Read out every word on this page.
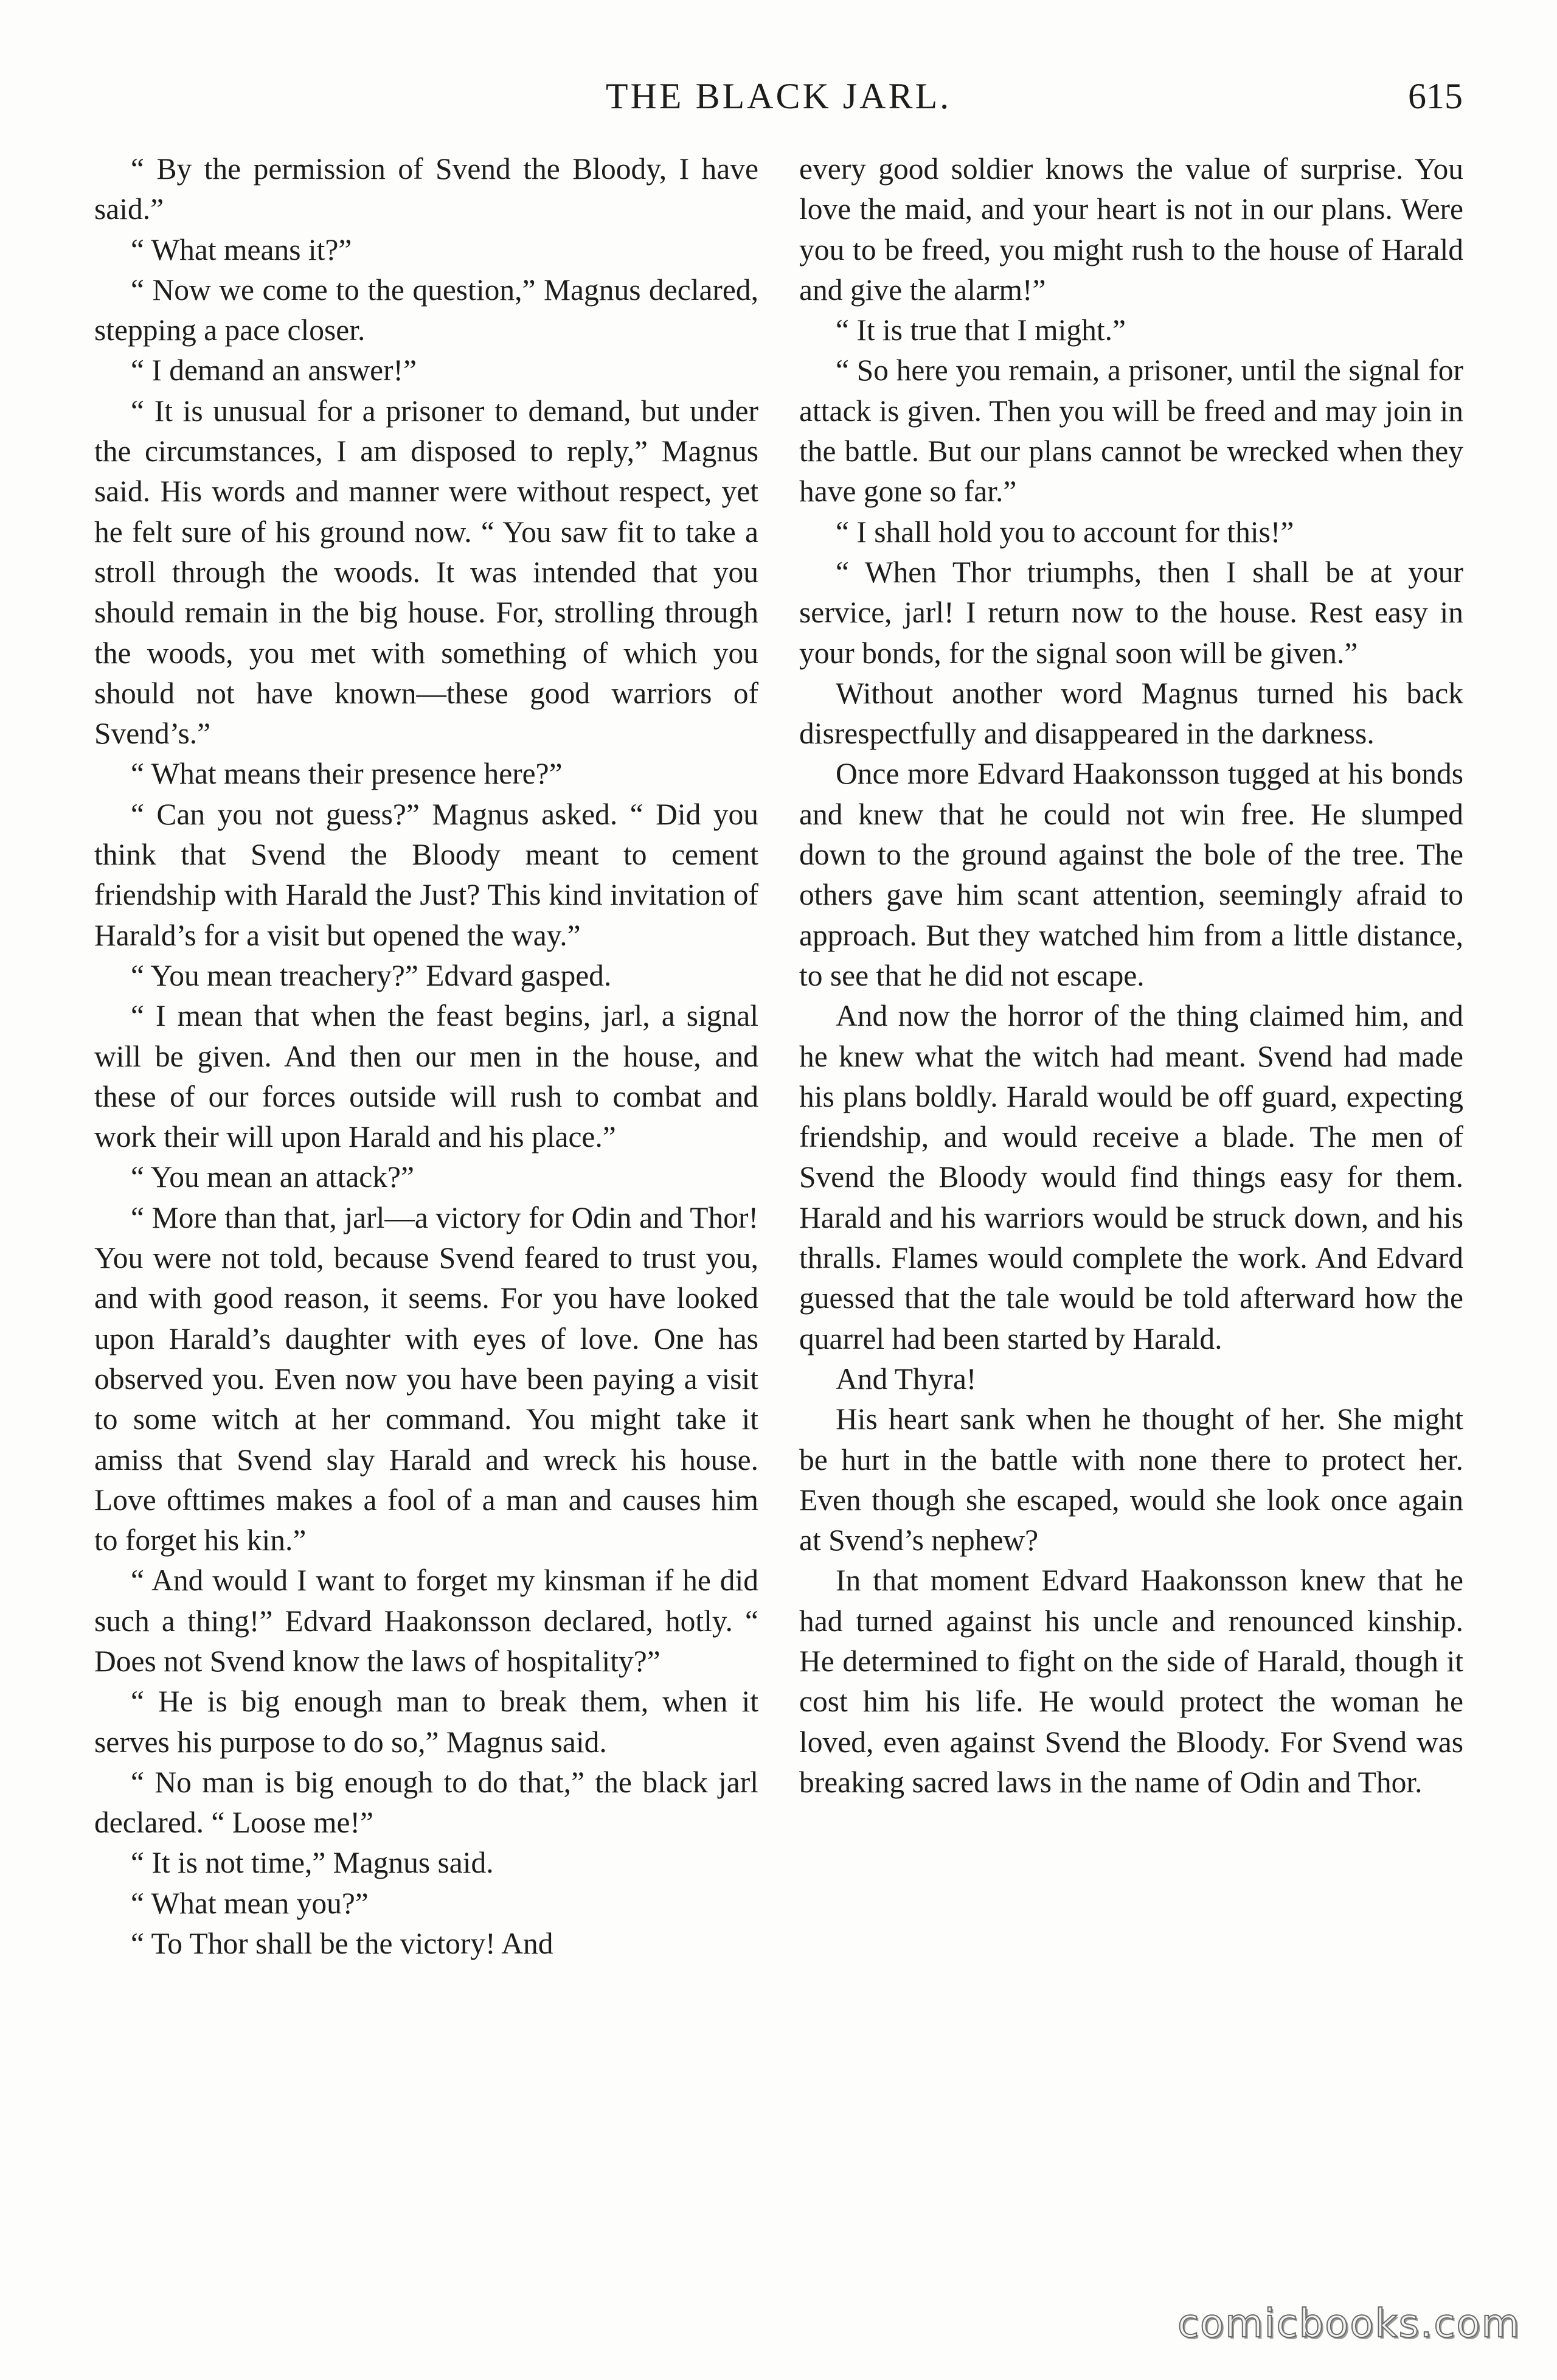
THE BLACK JARL.	615

“ By the permission of Svend the Bloody, I have said.”

“ What means it?”

“ Now we come to the question,” Magnus declared, stepping a pace closer.

“ I demand an answer!”

“ It is unusual for a prisoner to demand, but under the circumstances, I am disposed to reply,” Magnus said. His words and manner were without respect, yet he felt sure of his ground now. “ You saw fit to take a stroll through the woods. It was intended that you should remain in the big house. For, strolling through the woods, you met with something of which you should not have known—these good warriors of Svend’s.”

“ What means their presence here?”

“ Can you not guess?” Magnus asked. “ Did you think that Svend the Bloody meant to cement friendship with Harald the Just? This kind invitation of Harald’s for a visit but opened the way.”

“ You mean treachery?” Edvard gasped.

“ I mean that when the feast begins, jarl, a signal will be given. And then our men in the house, and these of our forces outside will rush to combat and work their will upon Harald and his place.”

“ You mean an attack?”

“ More than that, jarl—a victory for Odin and Thor! You were not told, because Svend feared to trust you, and with good reason, it seems. For you have looked upon Harald’s daughter with eyes of love. One has observed you. Even now you have been paying a visit to some witch at her command. You might take it amiss that Svend slay Harald and wreck his house. Love ofttimes makes a fool of a man and causes him to forget his kin.”

“ And would I want to forget my kinsman if he did such a thing!” Edvard Haakonsson declared, hotly. “ Does not Svend know the laws of hospitality?”

“ He is big enough man to break them, when it serves his purpose to do so,” Magnus said.

“ No man is big enough to do that,” the black jarl declared. “ Loose me!”

“ It is not time,” Magnus said.

“ What mean you?”

“ To Thor shall be the victory! And

every good soldier knows the value of surprise. You love the maid, and your heart is not in our plans. Were you to be freed, you might rush to the house of Harald and give the alarm!”

“ It is true that I might.”

“ So here you remain, a prisoner, until the signal for attack is given. Then you will be freed and may join in the battle. But our plans cannot be wrecked when they have gone so far.”

“ I shall hold you to account for this!”

“ When Thor triumphs, then I shall be at your service, jarl! I return now to the house. Rest easy in your bonds, for the signal soon will be given.”

Without another word Magnus turned his back disrespectfully and disappeared in the darkness.

Once more Edvard Haakonsson tugged at his bonds and knew that he could not win free. He slumped down to the ground against the bole of the tree. The others gave him scant attention, seemingly afraid to approach. But they watched him from a little distance, to see that he did not escape.

And now the horror of the thing claimed him, and he knew what the witch had meant. Svend had made his plans boldly. Harald would be off guard, expecting friendship, and would receive a blade. The men of Svend the Bloody would find things easy for them. Harald and his warriors would be struck down, and his thralls. Flames would complete the work. And Edvard guessed that the tale would be told afterward how the quarrel had been started by Harald.

And Thyra!

His heart sank when he thought of her. She might be hurt in the battle with none there to protect her. Even though she escaped, would she look once again at Svend’s nephew?

In that moment Edvard Haakonsson knew that he had turned against his uncle and renounced kinship. He determined to fight on the side of Harald, though it cost him his life. He would protect the woman he loved, even against Svend the Bloody. For Svend was breaking sacred laws in the name of Odin and Thor.

comicbooks.com
